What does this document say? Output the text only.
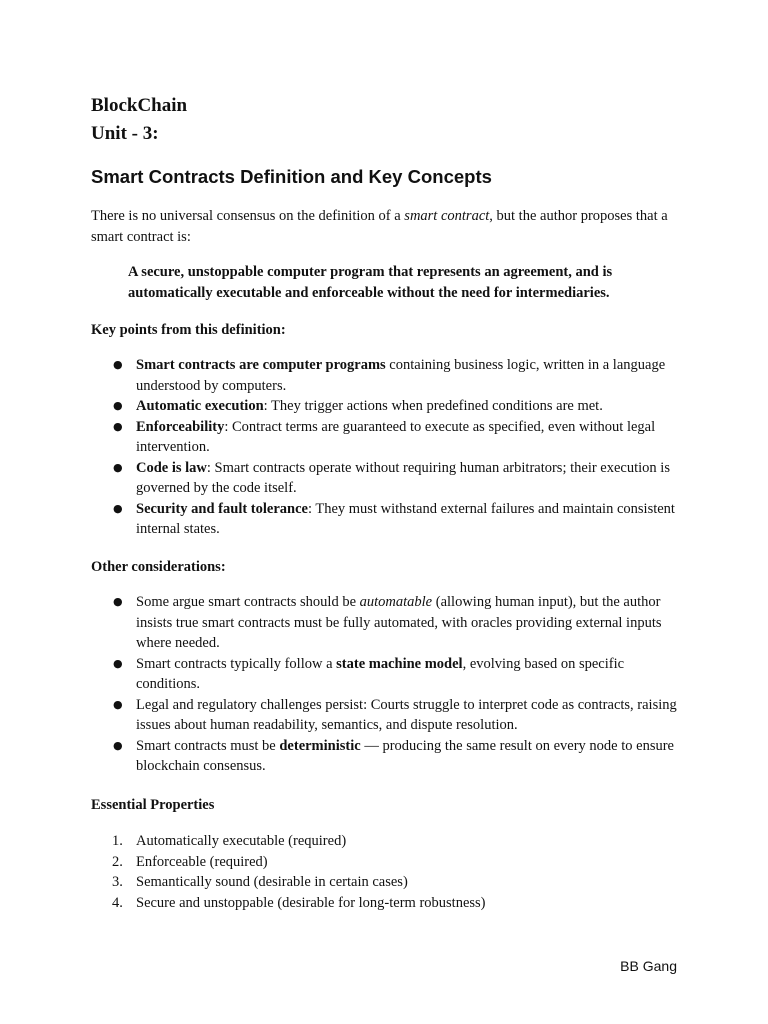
BlockChain
Unit - 3:
Smart Contracts Definition and Key Concepts

There is no universal consensus on the definition of a smart contract, but the author proposes that a smart contract is:

A secure, unstoppable computer program that represents an agreement, and is automatically executable and enforceable without the need for intermediaries.

Key points from this definition:

● Smart contracts are computer programs containing business logic, written in a language understood by computers.
● Automatic execution: They trigger actions when predefined conditions are met.
● Enforceability: Contract terms are guaranteed to execute as specified, even without legal intervention.
● Code is law: Smart contracts operate without requiring human arbitrators; their execution is governed by the code itself.
● Security and fault tolerance: They must withstand external failures and maintain consistent internal states.

Other considerations:

● Some argue smart contracts should be automatable (allowing human input), but the author insists true smart contracts must be fully automated, with oracles providing external inputs where needed.
● Smart contracts typically follow a state machine model, evolving based on specific conditions.
● Legal and regulatory challenges persist: Courts struggle to interpret code as contracts, raising issues about human readability, semantics, and dispute resolution.
● Smart contracts must be deterministic — producing the same result on every node to ensure blockchain consensus.

Essential Properties

1. Automatically executable (required)
2. Enforceable (required)
3. Semantically sound (desirable in certain cases)
4. Secure and unstoppable (desirable for long-term robustness)

BB Gang
